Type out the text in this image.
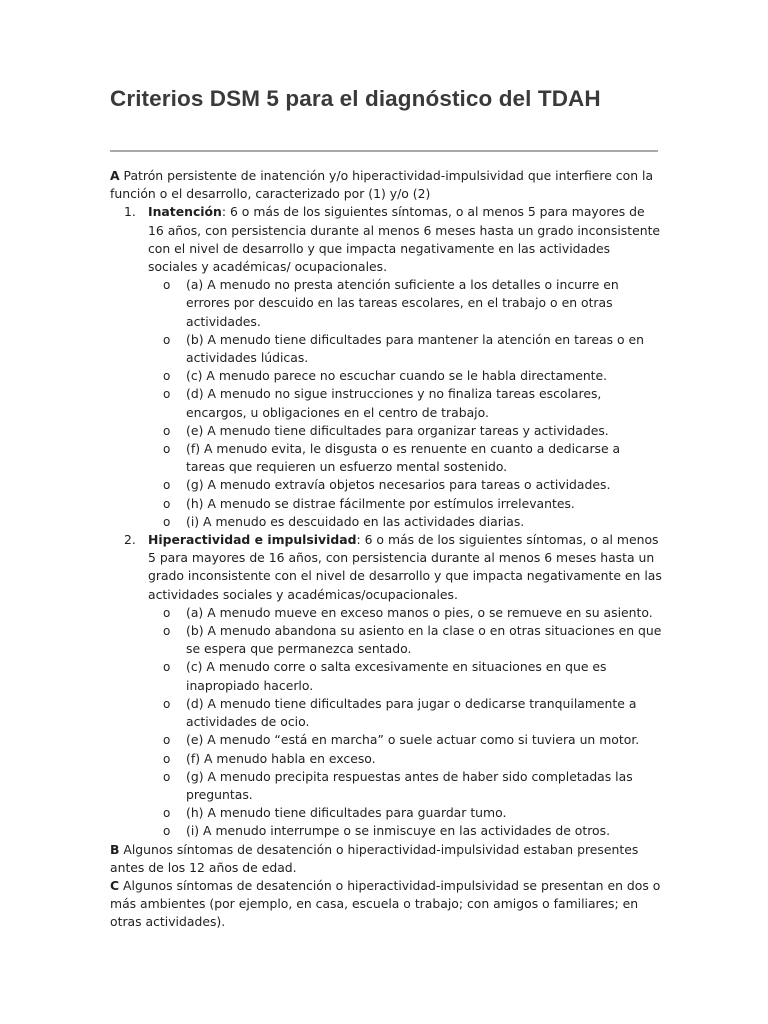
Criterios DSM 5 para el diagnóstico del TDAH

A Patrón persistente de inatención y/o hiperactividad-impulsividad que interfiere con la función o el desarrollo, caracterizado por (1) y/o (2)

1. Inatención: 6 o más de los siguientes síntomas, o al menos 5 para mayores de 16 años, con persistencia durante al menos 6 meses hasta un grado inconsistente con el nivel de desarrollo y que impacta negativamente en las actividades sociales y académicas/ ocupacionales.
o (a) A menudo no presta atención suficiente a los detalles o incurre en errores por descuido en las tareas escolares, en el trabajo o en otras actividades.
o (b) A menudo tiene dificultades para mantener la atención en tareas o en actividades lúdicas.
o (c) A menudo parece no escuchar cuando se le habla directamente.
o (d) A menudo no sigue instrucciones y no finaliza tareas escolares, encargos, u obligaciones en el centro de trabajo.
o (e) A menudo tiene dificultades para organizar tareas y actividades.
o (f) A menudo evita, le disgusta o es renuente en cuanto a dedicarse a tareas que requieren un esfuerzo mental sostenido.
o (g) A menudo extravía objetos necesarios para tareas o actividades.
o (h) A menudo se distrae fácilmente por estímulos irrelevantes.
o (i) A menudo es descuidado en las actividades diarias.
2. Hiperactividad e impulsividad: 6 o más de los siguientes síntomas, o al menos 5 para mayores de 16 años, con persistencia durante al menos 6 meses hasta un grado inconsistente con el nivel de desarrollo y que impacta negativamente en las actividades sociales y académicas/ocupacionales.
o (a) A menudo mueve en exceso manos o pies, o se remueve en su asiento.
o (b) A menudo abandona su asiento en la clase o en otras situaciones en que se espera que permanezca sentado.
o (c) A menudo corre o salta excesivamente en situaciones en que es inapropiado hacerlo.
o (d) A menudo tiene dificultades para jugar o dedicarse tranquilamente a actividades de ocio.
o (e) A menudo “está en marcha” o suele actuar como si tuviera un motor.
o (f) A menudo habla en exceso.
o (g) A menudo precipita respuestas antes de haber sido completadas las preguntas.
o (h) A menudo tiene dificultades para guardar tumo.
o (i) A menudo interrumpe o se inmiscuye en las actividades de otros.

B Algunos síntomas de desatención o hiperactividad-impulsividad estaban presentes antes de los 12 años de edad.

C Algunos síntomas de desatención o hiperactividad-impulsividad se presentan en dos o más ambientes (por ejemplo, en casa, escuela o trabajo; con amigos o familiares; en otras actividades).
